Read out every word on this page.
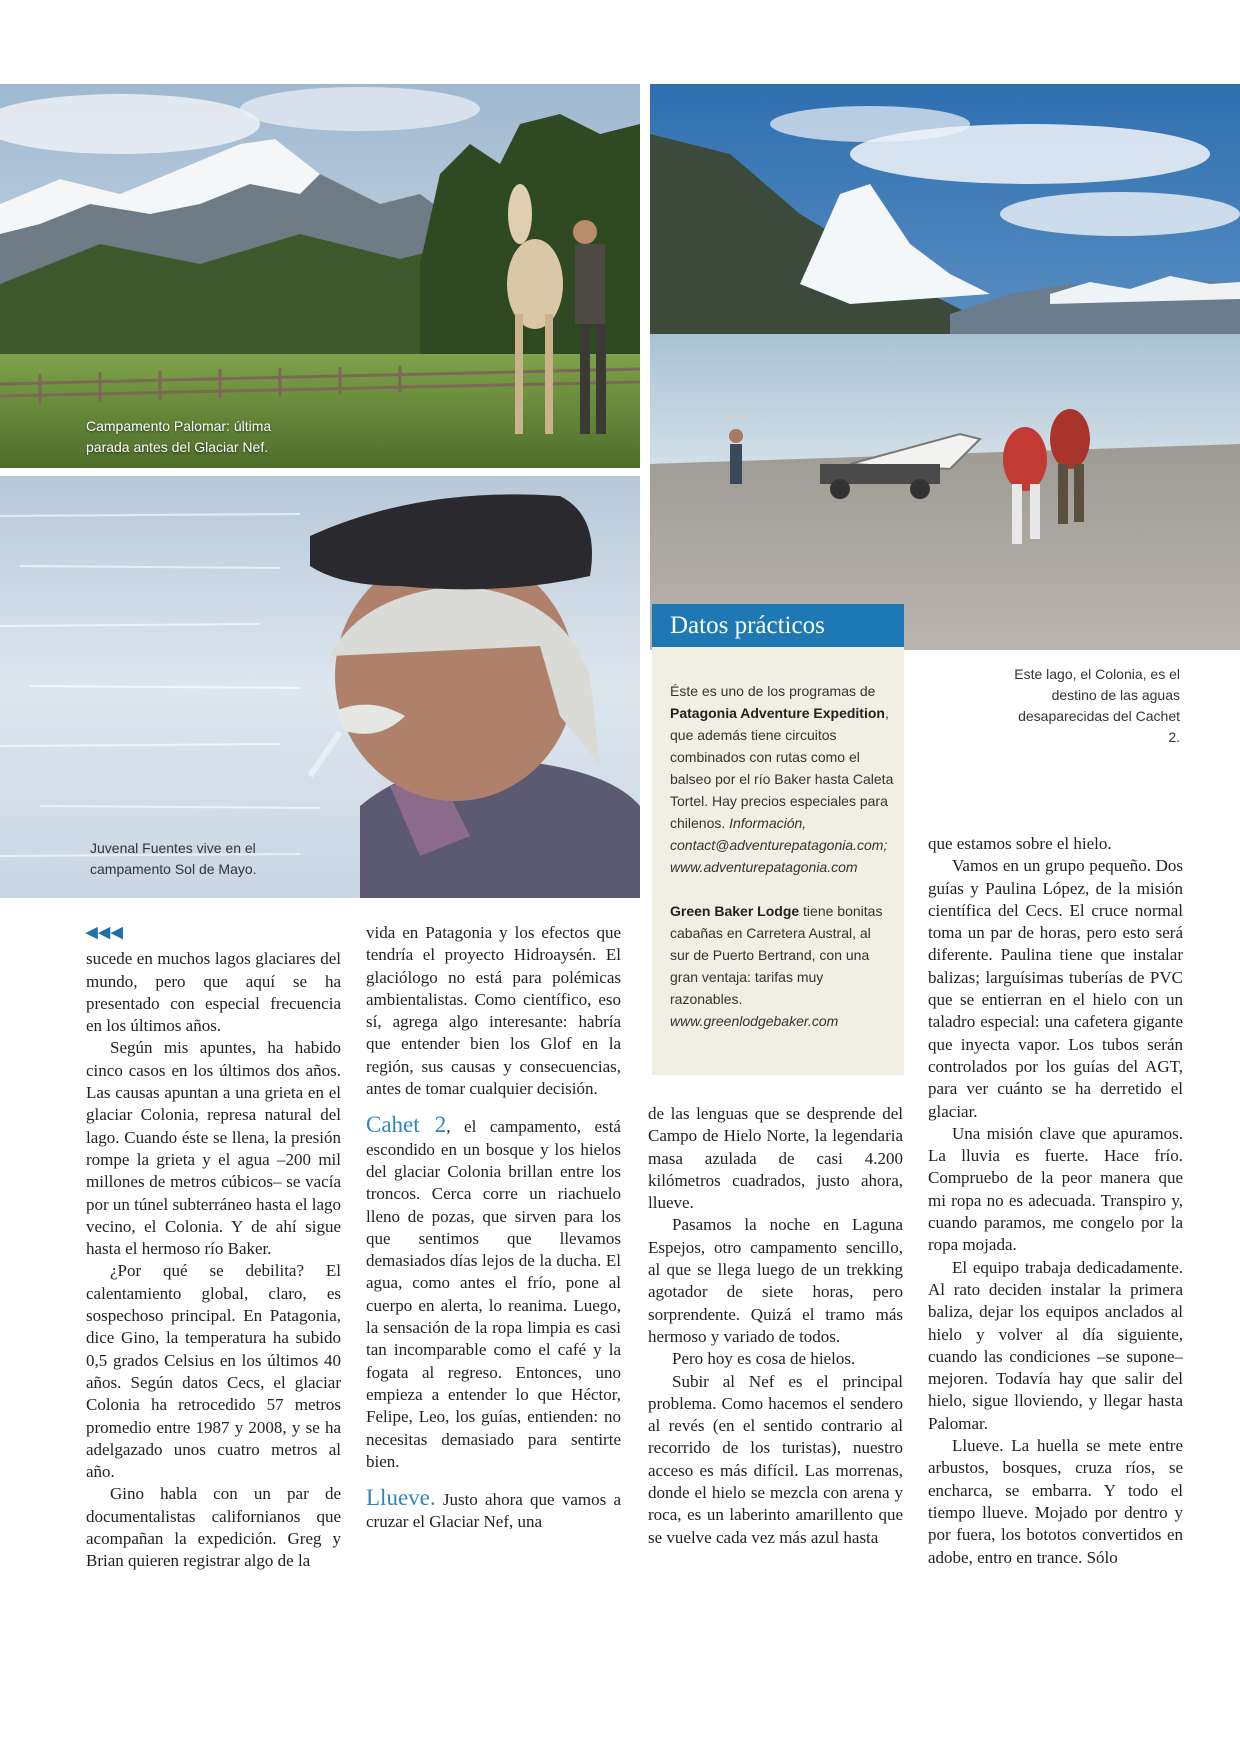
Campamento Palomar: última parada antes del Glaciar Nef.
Juvenal Fuentes vive en el campamento Sol de Mayo.
Este lago, el Colonia, es el destino de las aguas desaparecidas del Cachet 2.
Datos prácticos

Éste es uno de los programas de Patagonia Adventure Expedition, que además tiene circuitos combinados con rutas como el balseo por el río Baker hasta Caleta Tortel. Hay precios especiales para chilenos. Información, contact@adventurepatagonia.com; www.adventurepatagonia.com

Green Baker Lodge tiene bonitas cabañas en Carretera Austral, al sur de Puerto Bertrand, con una gran ventaja: tarifas muy razonables. www.greenlodgebaker.com

◀◀◀

sucede en muchos lagos glaciares del mundo, pero que aquí se ha presentado con especial frecuencia en los últimos años.

Según mis apuntes, ha habido cinco casos en los últimos dos años. Las causas apuntan a una grieta en el glaciar Colonia, represa natural del lago. Cuando éste se llena, la presión rompe la grieta y el agua –200 mil millones de metros cúbicos– se vacía por un túnel subterráneo hasta el lago vecino, el Colonia. Y de ahí sigue hasta el hermoso río Baker.

¿Por qué se debilita? El calentamiento global, claro, es sospechoso principal. En Patagonia, dice Gino, la temperatura ha subido 0,5 grados Celsius en los últimos 40 años. Según datos Cecs, el glaciar Colonia ha retrocedido 57 metros promedio entre 1987 y 2008, y se ha adelgazado unos cuatro metros al año.

Gino habla con un par de documentalistas californianos que acompañan la expedición. Greg y Brian quieren registrar algo de la

vida en Patagonia y los efectos que tendría el proyecto Hidroaysén. El glaciólogo no está para polémicas ambientalistas. Como científico, eso sí, agrega algo interesante: habría que entender bien los Glof en la región, sus causas y consecuencias, antes de tomar cualquier decisión.

Cahet 2, el campamento, está escondido en un bosque y los hielos del glaciar Colonia brillan entre los troncos. Cerca corre un riachuelo lleno de pozas, que sirven para los que sentimos que llevamos demasiados días lejos de la ducha. El agua, como antes el frío, pone al cuerpo en alerta, lo reanima. Luego, la sensación de la ropa limpia es casi tan incomparable como el café y la fogata al regreso. Entonces, uno empieza a entender lo que Héctor, Felipe, Leo, los guías, entienden: no necesitas demasiado para sentirte bien.

Llueve. Justo ahora que vamos a cruzar el Glaciar Nef, una

de las lenguas que se desprende del Campo de Hielo Norte, la legendaria masa azulada de casi 4.200 kilómetros cuadrados, justo ahora, llueve.

Pasamos la noche en Laguna Espejos, otro campamento sencillo, al que se llega luego de un trekking agotador de siete horas, pero sorprendente. Quizá el tramo más hermoso y variado de todos.

Pero hoy es cosa de hielos.

Subir al Nef es el principal problema. Como hacemos el sendero al revés (en el sentido contrario al recorrido de los turistas), nuestro acceso es más difícil. Las morrenas, donde el hielo se mezcla con arena y roca, es un laberinto amarillento que se vuelve cada vez más azul hasta

que estamos sobre el hielo.

Vamos en un grupo pequeño. Dos guías y Paulina López, de la misión científica del Cecs. El cruce normal toma un par de horas, pero esto será diferente. Paulina tiene que instalar balizas; larguísimas tuberías de PVC que se entierran en el hielo con un taladro especial: una cafetera gigante que inyecta vapor. Los tubos serán controlados por los guías del AGT, para ver cuánto se ha derretido el glaciar.

Una misión clave que apuramos. La lluvia es fuerte. Hace frío. Compruebo de la peor manera que mi ropa no es adecuada. Transpiro y, cuando paramos, me congelo por la ropa mojada.

El equipo trabaja dedicadamente. Al rato deciden instalar la primera baliza, dejar los equipos anclados al hielo y volver al día siguiente, cuando las condiciones –se supone– mejoren. Todavía hay que salir del hielo, sigue lloviendo, y llegar hasta Palomar.

Llueve. La huella se mete entre arbustos, bosques, cruza ríos, se encharca, se embarra. Y todo el tiempo llueve. Mojado por dentro y por fuera, los bototos convertidos en adobe, entro en trance. Sólo
